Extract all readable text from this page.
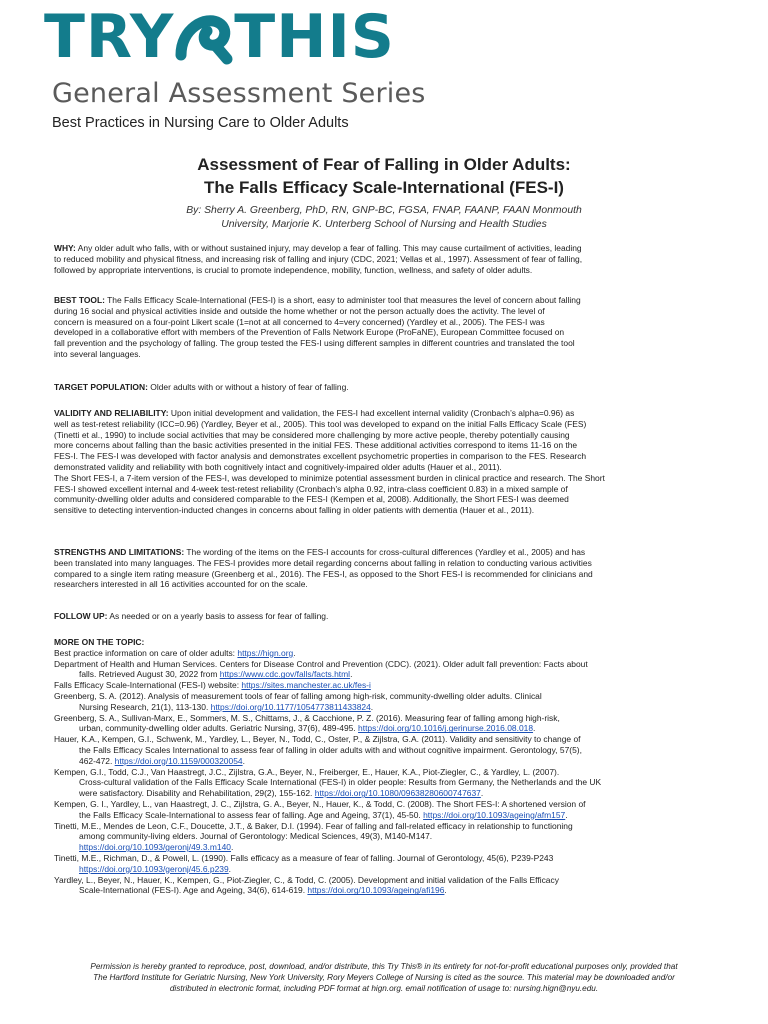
TRY THIS
General Assessment Series
Best Practices in Nursing Care to Older Adults
Assessment of Fear of Falling in Older Adults:
The Falls Efficacy Scale-International (FES-I)
By: Sherry A. Greenberg, PhD, RN, GNP-BC, FGSA, FNAP, FAANP, FAAN Monmouth
University, Marjorie K. Unterberg School of Nursing and Health Studies
WHY: Any older adult who falls, with or without sustained injury, may develop a fear of falling. This may cause curtailment of activities, leading
to reduced mobility and physical fitness, and increasing risk of falling and injury (CDC, 2021; Vellas et al., 1997). Assessment of fear of falling,
followed by appropriate interventions, is crucial to promote independence, mobility, function, wellness, and safety of older adults.
BEST TOOL: The Falls Efficacy Scale-International (FES-I) is a short, easy to administer tool that measures the level of concern about falling
during 16 social and physical activities inside and outside the home whether or not the person actually does the activity. The level of
concern is measured on a four-point Likert scale (1=not at all concerned to 4=very concerned) (Yardley et al., 2005). The FES-I was
developed in a collaborative effort with members of the Prevention of Falls Network Europe (ProFaNE), European Committee focused on
fall prevention and the psychology of falling. The group tested the FES-I using different samples in different countries and translated the tool
into several languages.
TARGET POPULATION: Older adults with or without a history of fear of falling.
VALIDITY AND RELIABILITY: Upon initial development and validation, the FES-I had excellent internal validity (Cronbach’s alpha=0.96) as
well as test-retest reliability (ICC=0.96) (Yardley, Beyer et al., 2005). This tool was developed to expand on the initial Falls Efficacy Scale (FES)
(Tinetti et al., 1990) to include social activities that may be considered more challenging by more active people, thereby potentially causing
more concerns about falling than the basic activities presented in the initial FES. These additional activities correspond to items 11-16 on the
FES-I. The FES-I was developed with factor analysis and demonstrates excellent psychometric properties in comparison to the FES. Research
demonstrated validity and reliability with both cognitively intact and cognitively-impaired older adults (Hauer et al., 2011).
The Short FES-I, a 7-item version of the FES-I, was developed to minimize potential assessment burden in clinical practice and research. The Short
FES-I showed excellent internal and 4-week test-retest reliability (Cronbach’s alpha 0.92, intra-class coefficient 0.83) in a mixed sample of
community-dwelling older adults and considered comparable to the FES-I (Kempen et al, 2008). Additionally, the Short FES-I was deemed
sensitive to detecting intervention-inducted changes in concerns about falling in older patients with dementia (Hauer et al., 2011).
STRENGTHS AND LIMITATIONS: The wording of the items on the FES-I accounts for cross-cultural differences (Yardley et al., 2005) and has
been translated into many languages. The FES-I provides more detail regarding concerns about falling in relation to conducting various activities
compared to a single item rating measure (Greenberg et al., 2016). The FES-I, as opposed to the Short FES-I is recommended for clinicians and
researchers interested in all 16 activities accounted for on the scale.
FOLLOW UP: As needed or on a yearly basis to assess for fear of falling.
MORE ON THE TOPIC:
Best practice information on care of older adults: https://hign.org.
Department of Health and Human Services. Centers for Disease Control and Prevention (CDC). (2021). Older adult fall prevention: Facts about
falls. Retrieved August 30, 2022 from https://www.cdc.gov/falls/facts.html.
Falls Efficacy Scale-International (FES-I) website: https://sites.manchester.ac.uk/fes-i
Greenberg, S. A. (2012). Analysis of measurement tools of fear of falling among high-risk, community-dwelling older adults. Clinical
Nursing Research, 21(1), 113-130. https://doi.org/10.1177/1054773811433824.
Greenberg, S. A., Sullivan-Marx, E., Sommers, M. S., Chittams, J., & Cacchione, P. Z. (2016). Measuring fear of falling among high-risk,
urban, community-dwelling older adults. Geriatric Nursing, 37(6), 489-495. https://doi.org/10.1016/j.gerinurse.2016.08.018.
Hauer, K.A., Kempen, G.I., Schwenk, M., Yardley, L., Beyer, N., Todd, C., Oster, P., & Zijlstra, G.A. (2011). Validity and sensitivity to change of
the Falls Efficacy Scales International to assess fear of falling in older adults with and without cognitive impairment. Gerontology, 57(5),
462-472. https://doi.org/10.1159/000320054.
Kempen, G.I., Todd, C.J., Van Haastregt, J.C., Zijlstra, G.A., Beyer, N., Freiberger, E., Hauer, K.A., Piot-Ziegler, C., & Yardley, L. (2007).
Cross-cultural validation of the Falls Efficacy Scale International (FES-I) in older people: Results from Germany, the Netherlands and the UK
were satisfactory. Disability and Rehabilitation, 29(2), 155-162. https://doi.org/10.1080/09638280600747637.
Kempen, G. I., Yardley, L., van Haastregt, J. C., Zijlstra, G. A., Beyer, N., Hauer, K., & Todd, C. (2008). The Short FES-I: A shortened version of
the Falls Efficacy Scale-International to assess fear of falling. Age and Ageing, 37(1), 45-50. https://doi.org/10.1093/ageing/afm157.
Tinetti, M.E., Mendes de Leon, C.F., Doucette, J.T., & Baker, D.I. (1994). Fear of falling and fall-related efficacy in relationship to functioning
among community-living elders. Journal of Gerontology: Medical Sciences, 49(3), M140-M147.
https://doi.org/10.1093/geronj/49.3.m140.
Tinetti, M.E., Richman, D., & Powell, L. (1990). Falls efficacy as a measure of fear of falling. Journal of Gerontology, 45(6), P239-P243
https://doi.org/10.1093/geronj/45.6.p239.
Yardley, L., Beyer, N., Hauer, K., Kempen, G., Piot-Ziegler, C., & Todd, C. (2005). Development and initial validation of the Falls Efficacy
Scale-International (FES-I). Age and Ageing, 34(6), 614-619. https://doi.org/10.1093/ageing/afi196.
Permission is hereby granted to reproduce, post, download, and/or distribute, this Try This® in its entirety for not-for-profit educational purposes only, provided that
The Hartford Institute for Geriatric Nursing, New York University, Rory Meyers College of Nursing is cited as the source. This material may be downloaded and/or
distributed in electronic format, including PDF format at hign.org. email notification of usage to: nursing.hign@nyu.edu.
